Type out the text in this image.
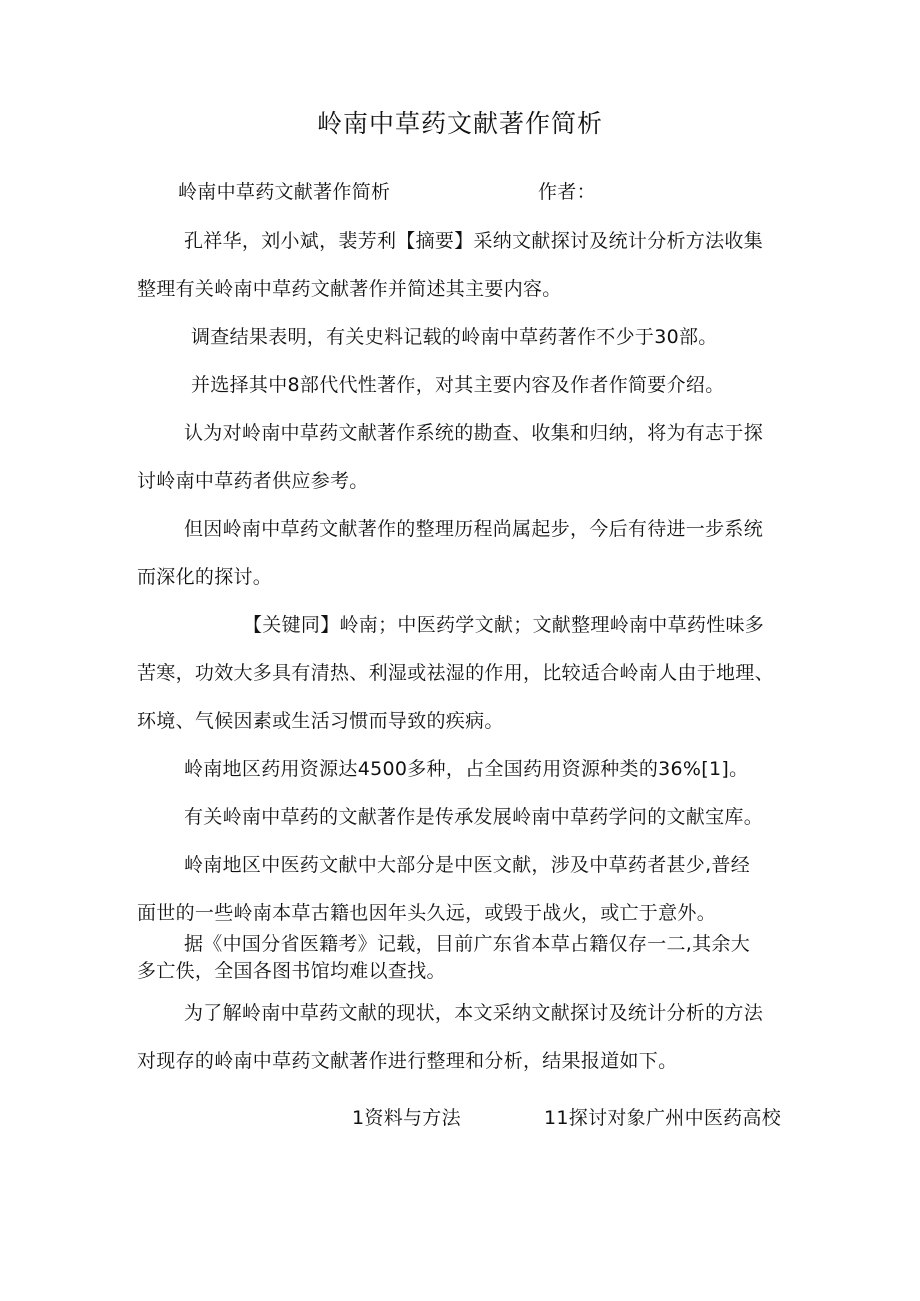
岭南中草药文献著作简析
岭南中草药文献著作简析	作者：
孔祥华，刘小斌，裴芳利【摘要】采纳文献探讨及统计分析方法收集
整理有关岭南中草药文献著作并简述其主要内容。
调查结果表明，有关史料记载的岭南中草药著作不少于30部。
并选择其中8部代代性著作，对其主要内容及作者作简要介绍。
认为对岭南中草药文献著作系统的勘查、收集和归纳，将为有志于探
讨岭南中草药者供应参考。
但因岭南中草药文献著作的整理历程尚属起步，今后有待进一步系统
而深化的探讨。
【关键同】岭南；中医药学文献；文献整理岭南中草药性味多
苦寒，功效大多具有清热、利湿或祛湿的作用，比较适合岭南人由于地理、
环境、气候因素或生活习惯而导致的疾病。
岭南地区药用资源达4500多种，占全国药用资源种类的36%[1]。
有关岭南中草药的文献著作是传承发展岭南中草药学问的文献宝库。
岭南地区中医药文献中大部分是中医文献，涉及中草药者甚少,普经
面世的一些岭南本草古籍也因年头久远，或毁于战火，或亡于意外。
据《中国分省医籍考》记载，目前广东省本草占籍仅存一二,其余大
多亡佚，全国各图书馆均难以查找。
为了解岭南中草药文献的现状，本文采纳文献探讨及统计分析的方法
对现存的岭南中草药文献著作进行整理和分析，结果报道如下。
1资料与方法	11探讨对象广州中医药高校
